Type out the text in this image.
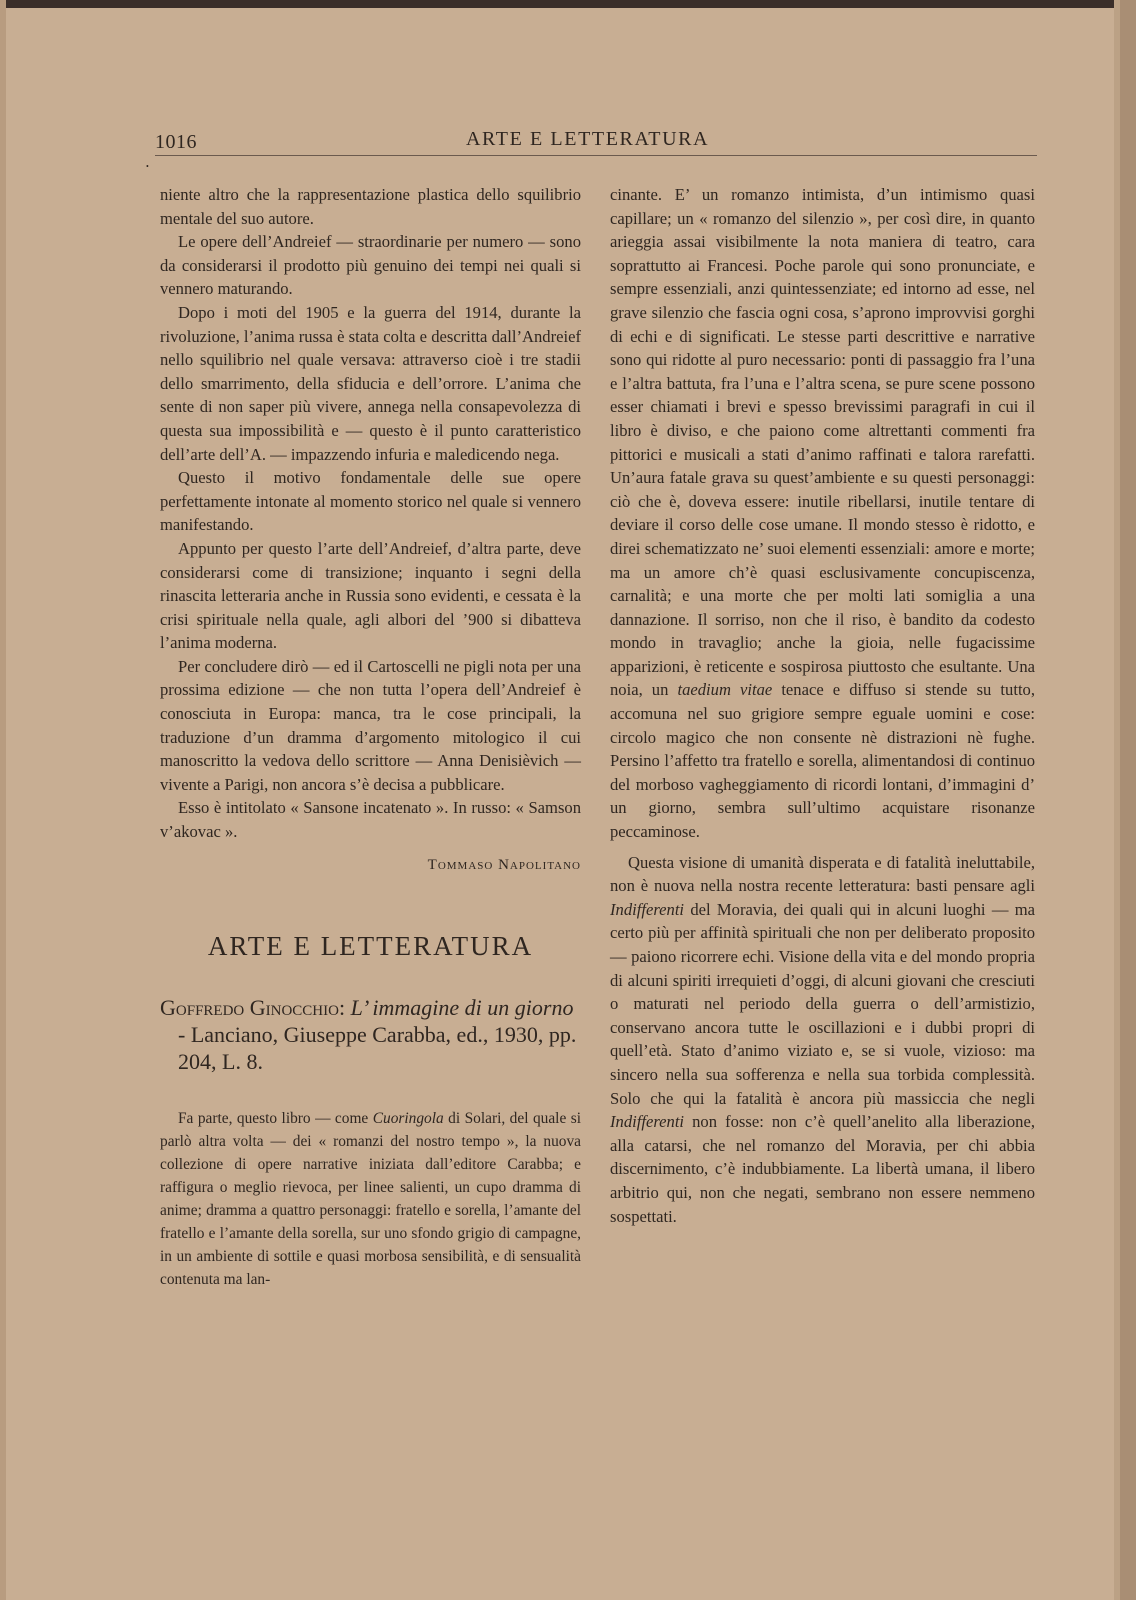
1016	ARTE E LETTERATURA
•

niente altro che la rappresentazione plastica dello squilibrio mentale del suo autore.

Le opere dell’Andreief — straordinarie per numero — sono da considerarsi il prodotto più genuino dei tempi nei quali si vennero maturando.

Dopo i moti del 1905 e la guerra del 1914, durante la rivoluzione, l’anima russa è stata colta e descritta dall’Andreief nello squilibrio nel quale versava: attraverso cioè i tre stadii dello smarrimento, della sfiducia e dell’orrore. L’anima che sente di non saper più vivere, annega nella consapevolezza di questa sua impossibilità e — questo è il punto caratteristico dell’arte dell’A. — impazzendo infuria e maledicendo nega.

Questo il motivo fondamentale delle sue opere perfettamente intonate al momento storico nel quale si vennero manifestando.

Appunto per questo l’arte dell’Andreief, d’altra parte, deve considerarsi come di transizione; inquanto i segni della rinascita letteraria anche in Russia sono evidenti, e cessata è la crisi spirituale nella quale, agli albori del ’900 si dibatteva l’anima moderna.

Per concludere dirò — ed il Cartoscelli ne pigli nota per una prossima edizione — che non tutta l’opera dell’Andreief è conosciuta in Europa: manca, tra le cose principali, la traduzione d’un dramma d’argomento mitologico il cui manoscritto la vedova dello scrittore — Anna Denisièvich — vivente a Parigi, non ancora s’è decisa a pubblicare.

Esso è intitolato « Sansone incatenato ». In russo: « Samson v’akovac ».

Tommaso Napolitano

ARTE E LETTERATURA

Goffredo Ginocchio: L’ immagine di un giorno - Lanciano, Giuseppe Carabba, ed., 1930, pp. 204, L. 8.

Fa parte, questo libro — come Cuoringola di Solari, del quale si parlò altra volta — dei « romanzi del nostro tempo », la nuova collezione di opere narrative iniziata dall’editore Carabba; e raffigura o meglio rievoca, per linee salienti, un cupo dramma di anime; dramma a quattro personaggi: fratello e sorella, l’amante del fratello e l’amante della sorella, sur uno sfondo grigio di campagne, in un ambiente di sottile e quasi morbosa sensibilità, e di sensualità contenuta ma lan-

cinante. E’ un romanzo intimista, d’un intimismo quasi capillare; un « romanzo del silenzio », per così dire, in quanto arieggia assai visibilmente la nota maniera di teatro, cara soprattutto ai Francesi. Poche parole qui sono pronunciate, e sempre essenziali, anzi quintessenziate; ed intorno ad esse, nel grave silenzio che fascia ogni cosa, s’aprono improvvisi gorghi di echi e di significati. Le stesse parti descrittive e narrative sono qui ridotte al puro necessario: ponti di passaggio fra l’una e l’altra battuta, fra l’una e l’altra scena, se pure scene possono esser chiamati i brevi e spesso brevissimi paragrafi in cui il libro è diviso, e che paiono come altrettanti commenti fra pittorici e musicali a stati d’animo raffinati e talora rarefatti. Un’aura fatale grava su quest’ambiente e su questi personaggi: ciò che è, doveva essere: inutile ribellarsi, inutile tentare di deviare il corso delle cose umane. Il mondo stesso è ridotto, e direi schematizzato ne’ suoi elementi essenziali: amore e morte; ma un amore ch’è quasi esclusivamente concupiscenza, carnalità; e una morte che per molti lati somiglia a una dannazione. Il sorriso, non che il riso, è bandito da codesto mondo in travaglio; anche la gioia, nelle fugacissime apparizioni, è reticente e sospirosa piuttosto che esultante. Una noia, un taedium vitae tenace e diffuso si stende su tutto, accomuna nel suo grigiore sempre eguale uomini e cose: circolo magico che non consente nè distrazioni nè fughe. Persino l’affetto tra fratello e sorella, alimentandosi di continuo del morboso vagheggiamento di ricordi lontani, d’immagini d’ un giorno, sembra sull’ultimo acquistare risonanze peccaminose.

Questa visione di umanità disperata e di fatalità ineluttabile, non è nuova nella nostra recente letteratura: basti pensare agli Indifferenti del Moravia, dei quali qui in alcuni luoghi — ma certo più per affinità spirituali che non per deliberato proposito — paiono ricorrere echi. Visione della vita e del mondo propria di alcuni spiriti irrequieti d’oggi, di alcuni giovani che cresciuti o maturati nel periodo della guerra o dell’armistizio, conservano ancora tutte le oscillazioni e i dubbi propri di quell’età. Stato d’animo viziato e, se si vuole, vizioso: ma sincero nella sua sofferenza e nella sua torbida complessità. Solo che qui la fatalità è ancora più massiccia che negli Indifferenti non fosse: non c’è quell’anelito alla liberazione, alla catarsi, che nel romanzo del Moravia, per chi abbia discernimento, c’è indubbiamente. La libertà umana, il libero arbitrio qui, non che negati, sembrano non essere nemmeno sospettati.
